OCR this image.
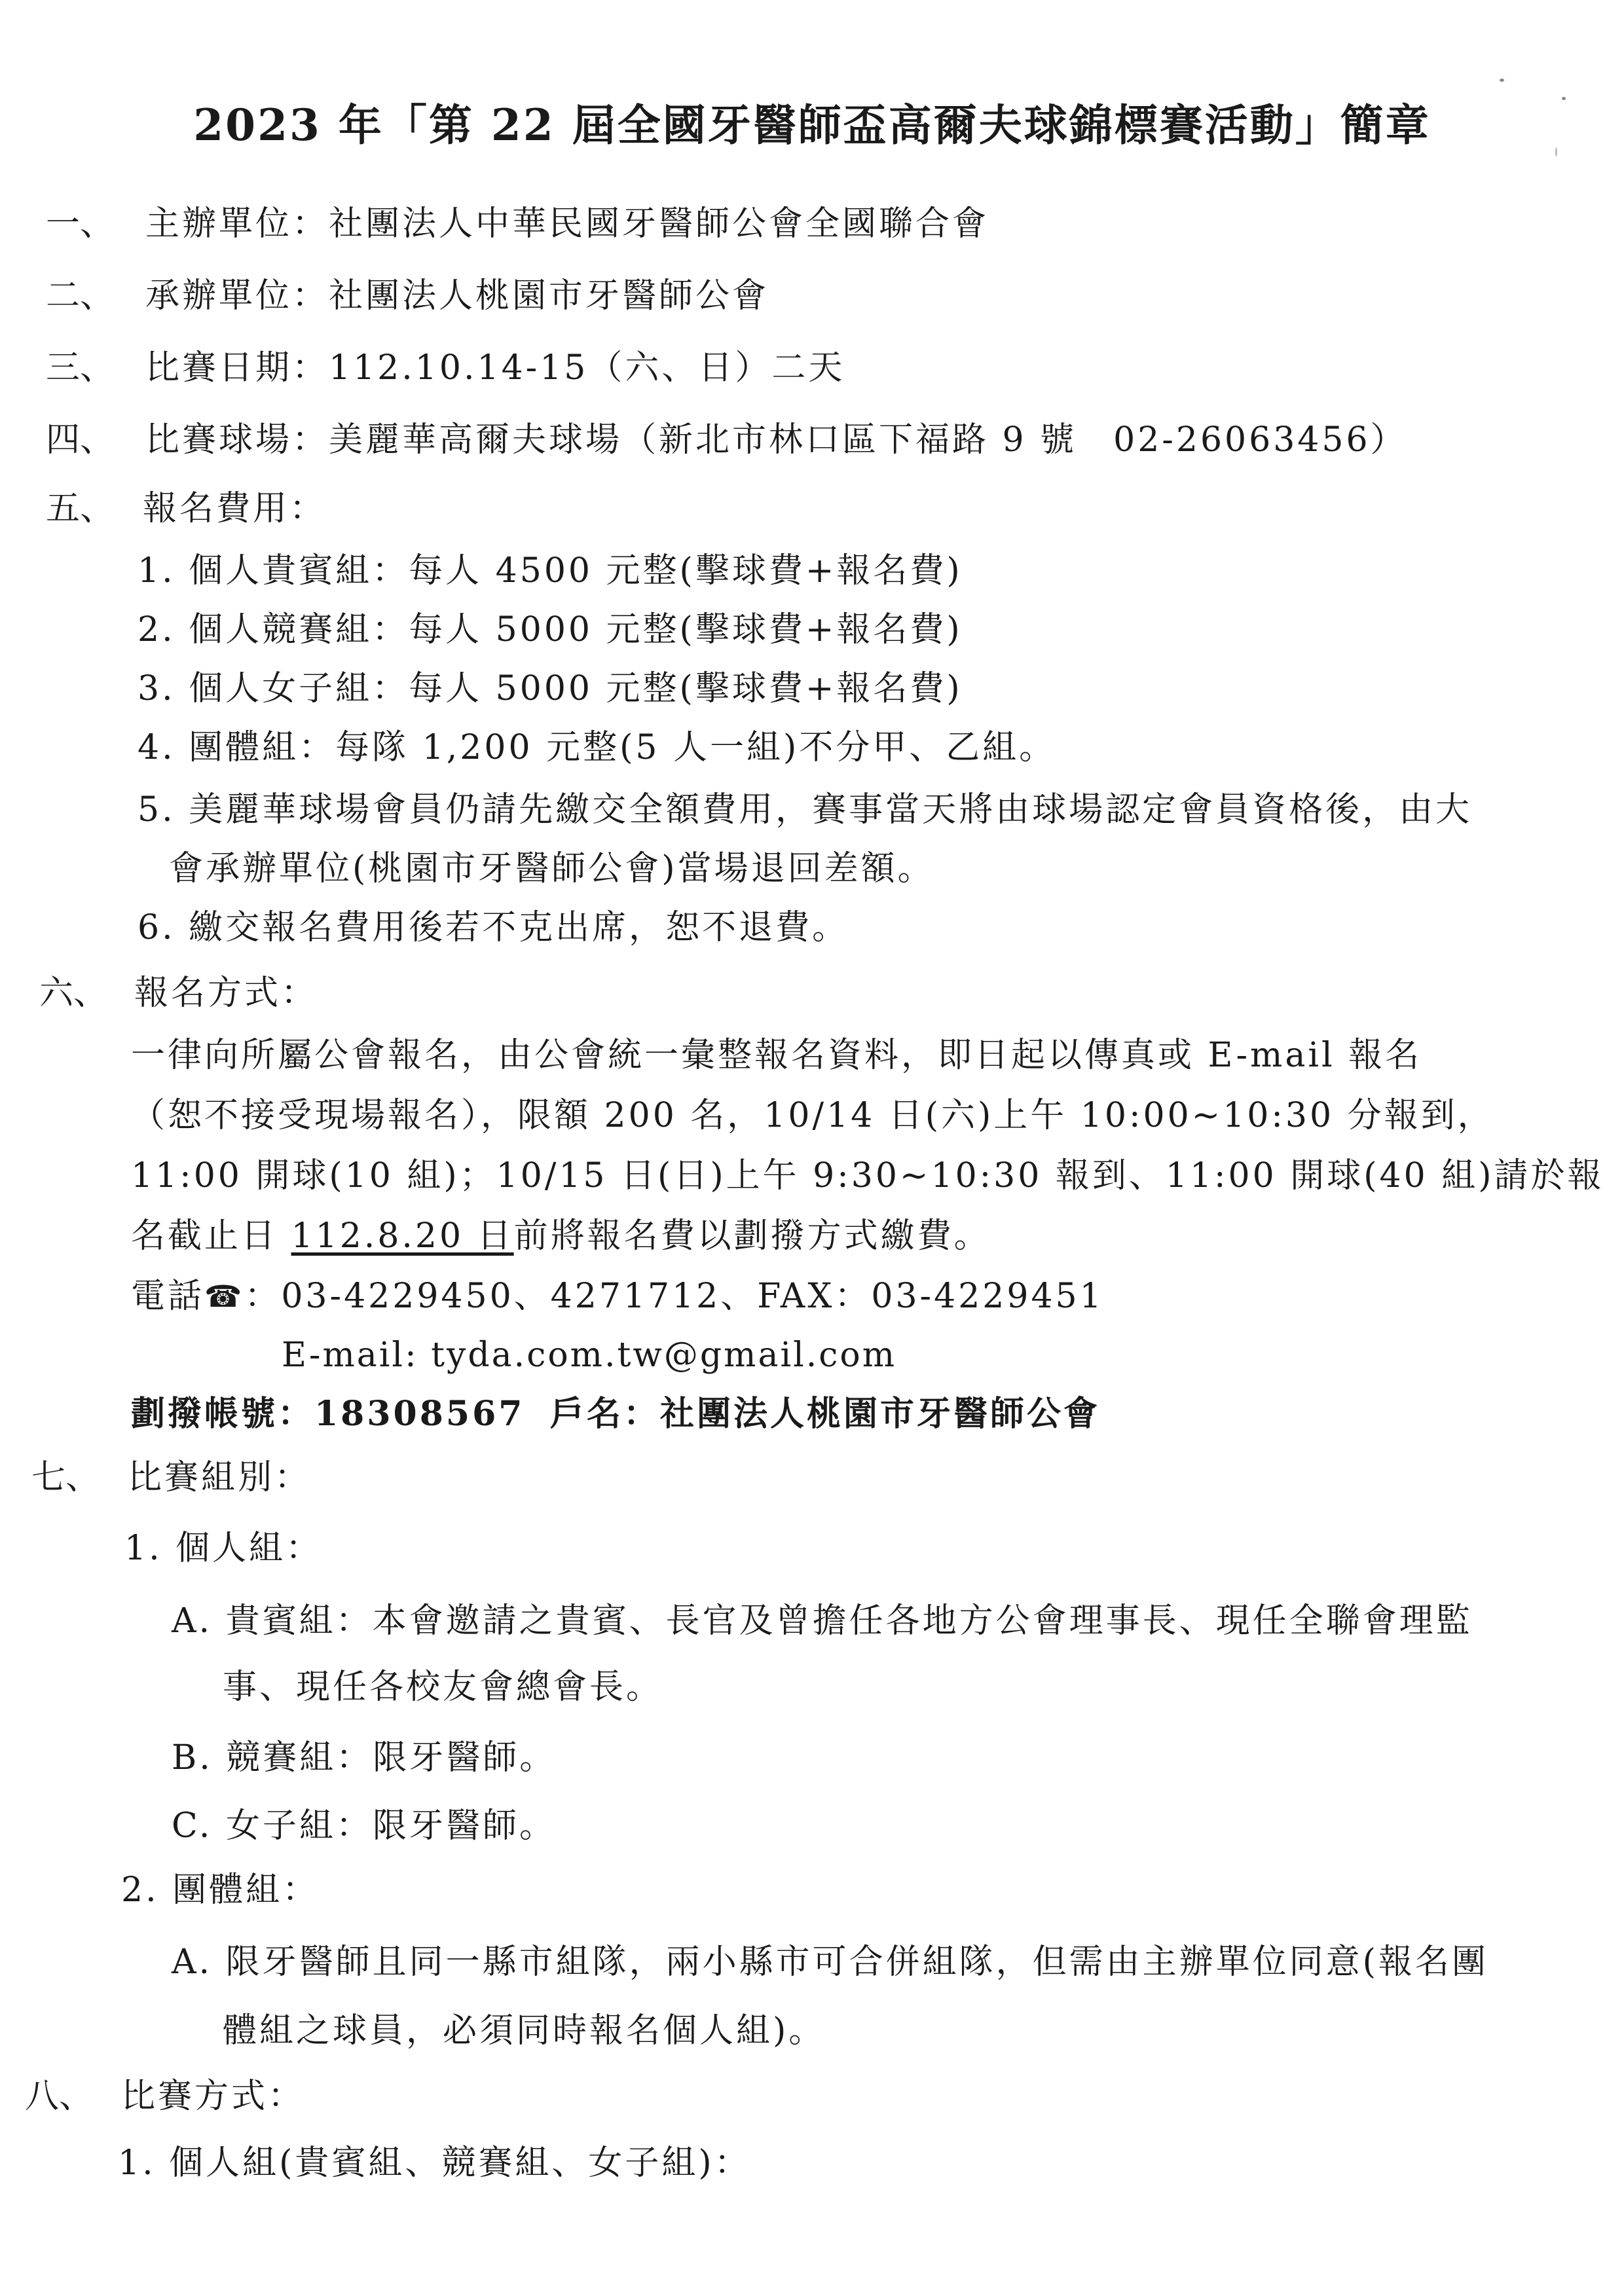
2023 年「第 22 屆全國牙醫師盃高爾夫球錦標賽活動」簡章
一、 主辦單位：社團法人中華民國牙醫師公會全國聯合會
二、 承辦單位：社團法人桃園市牙醫師公會
三、 比賽日期：112.10.14-15（六、日）二天
四、 比賽球場：美麗華高爾夫球場（新北市林口區下福路 9 號　02-26063456）
五、 報名費用：
1. 個人貴賓組：每人 4500 元整(擊球費+報名費)
2. 個人競賽組：每人 5000 元整(擊球費+報名費)
3. 個人女子組：每人 5000 元整(擊球費+報名費)
4. 團體組：每隊 1,200 元整(5 人一組)不分甲、乙組。
5. 美麗華球場會員仍請先繳交全額費用，賽事當天將由球場認定會員資格後，由大
會承辦單位(桃園市牙醫師公會)當場退回差額。
6. 繳交報名費用後若不克出席，恕不退費。
六、 報名方式：
一律向所屬公會報名，由公會統一彙整報名資料，即日起以傳真或 E-mail 報名
（恕不接受現場報名），限額 200 名，10/14 日(六)上午 10:00~10:30 分報到，
11:00 開球(10 組)；10/15 日(日)上午 9:30~10:30 報到、11:00 開球(40 組)請於報
名截止日 112.8.20 日前將報名費以劃撥方式繳費。
電話☎：03-4229450、4271712、FAX：03-4229451
E-mail: tyda.com.tw@gmail.com
劃撥帳號：18308567 戶名：社團法人桃園市牙醫師公會
七、 比賽組別：
1. 個人組：
A. 貴賓組：本會邀請之貴賓、長官及曾擔任各地方公會理事長、現任全聯會理監
事、現任各校友會總會長。
B. 競賽組：限牙醫師。
C. 女子組：限牙醫師。
2. 團體組：
A. 限牙醫師且同一縣市組隊，兩小縣市可合併組隊，但需由主辦單位同意(報名團
體組之球員，必須同時報名個人組)。
八、 比賽方式：
1. 個人組(貴賓組、競賽組、女子組)：
